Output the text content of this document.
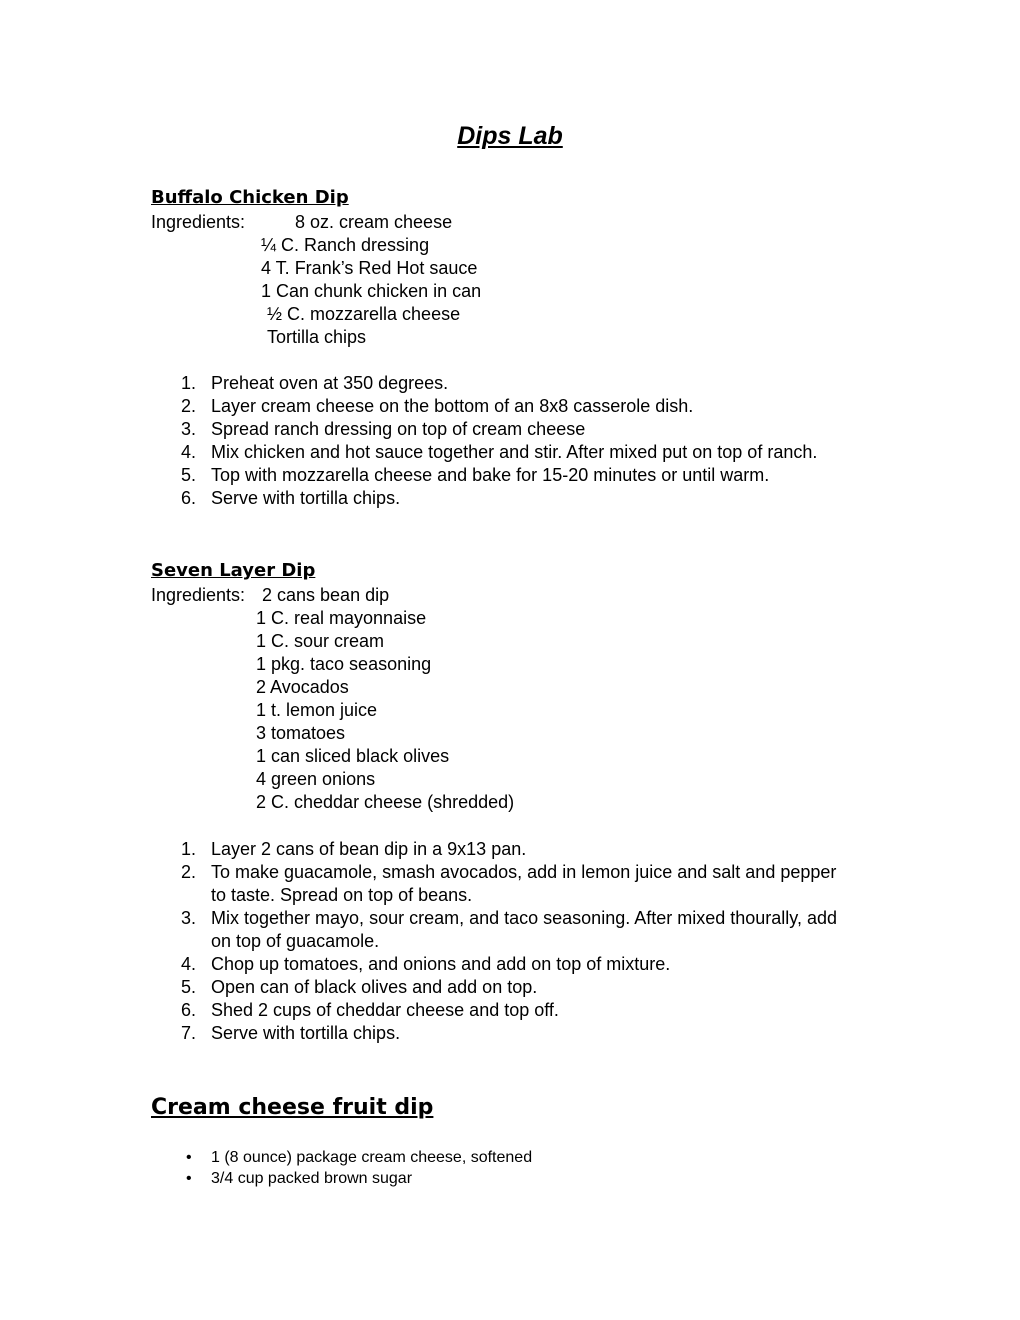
Dips Lab
Buffalo Chicken Dip
Ingredients:	8 oz. cream cheese
¼ C. Ranch dressing
4 T. Frank’s Red Hot sauce
1 Can chunk chicken in can
½ C. mozzarella cheese
Tortilla chips
1. Preheat oven at 350 degrees.
2. Layer cream cheese on the bottom of an 8x8 casserole dish.
3. Spread ranch dressing on top of cream cheese
4. Mix chicken and hot sauce together and stir. After mixed put on top of ranch.
5. Top with mozzarella cheese and bake for 15-20 minutes or until warm.
6. Serve with tortilla chips.
Seven Layer Dip
Ingredients: 2 cans bean dip
1 C. real mayonnaise
1 C. sour cream
1 pkg. taco seasoning
2 Avocados
1 t. lemon juice
3 tomatoes
1 can sliced black olives
4 green onions
2 C. cheddar cheese (shredded)
1. Layer 2 cans of bean dip in a 9x13 pan.
2. To make guacamole, smash avocados, add in lemon juice and salt and pepper to taste. Spread on top of beans.
3. Mix together mayo, sour cream, and taco seasoning. After mixed thourally, add on top of guacamole.
4. Chop up tomatoes, and onions and add on top of mixture.
5. Open can of black olives and add on top.
6. Shed 2 cups of cheddar cheese and top off.
7. Serve with tortilla chips.
Cream cheese fruit dip
• 1 (8 ounce) package cream cheese, softened
• 3/4 cup packed brown sugar
